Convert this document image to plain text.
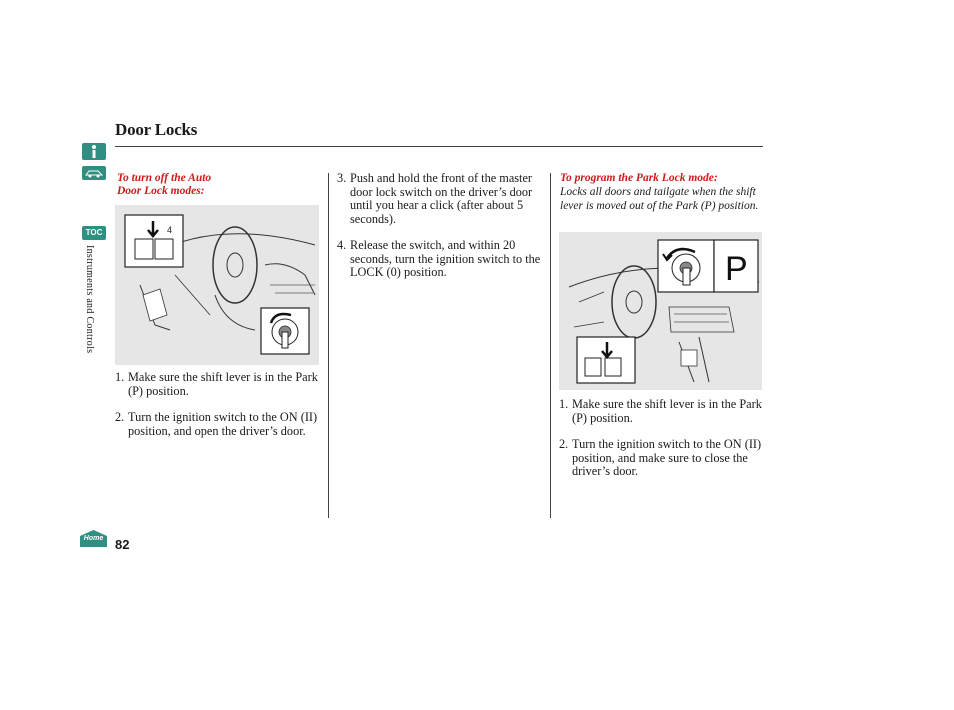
TOC
Instruments and Controls
Door Locks
To turn off the Auto
Door Lock modes:
4
1. Make sure the shift lever is in the Park (P) position.
2. Turn the ignition switch to the ON (II) position, and open the driver’s door.
3. Push and hold the front of the master door lock switch on the driver’s door until you hear a click (after about 5 seconds).
4. Release the switch, and within 20 seconds, turn the ignition switch to the LOCK (0) position.
To program the Park Lock mode:
Locks all doors and tailgate when the shift lever is moved out of the Park (P) position.
P
1. Make sure the shift lever is in the Park (P) position.
2. Turn the ignition switch to the ON (II) position, and make sure to close the driver’s door.
Home 82
